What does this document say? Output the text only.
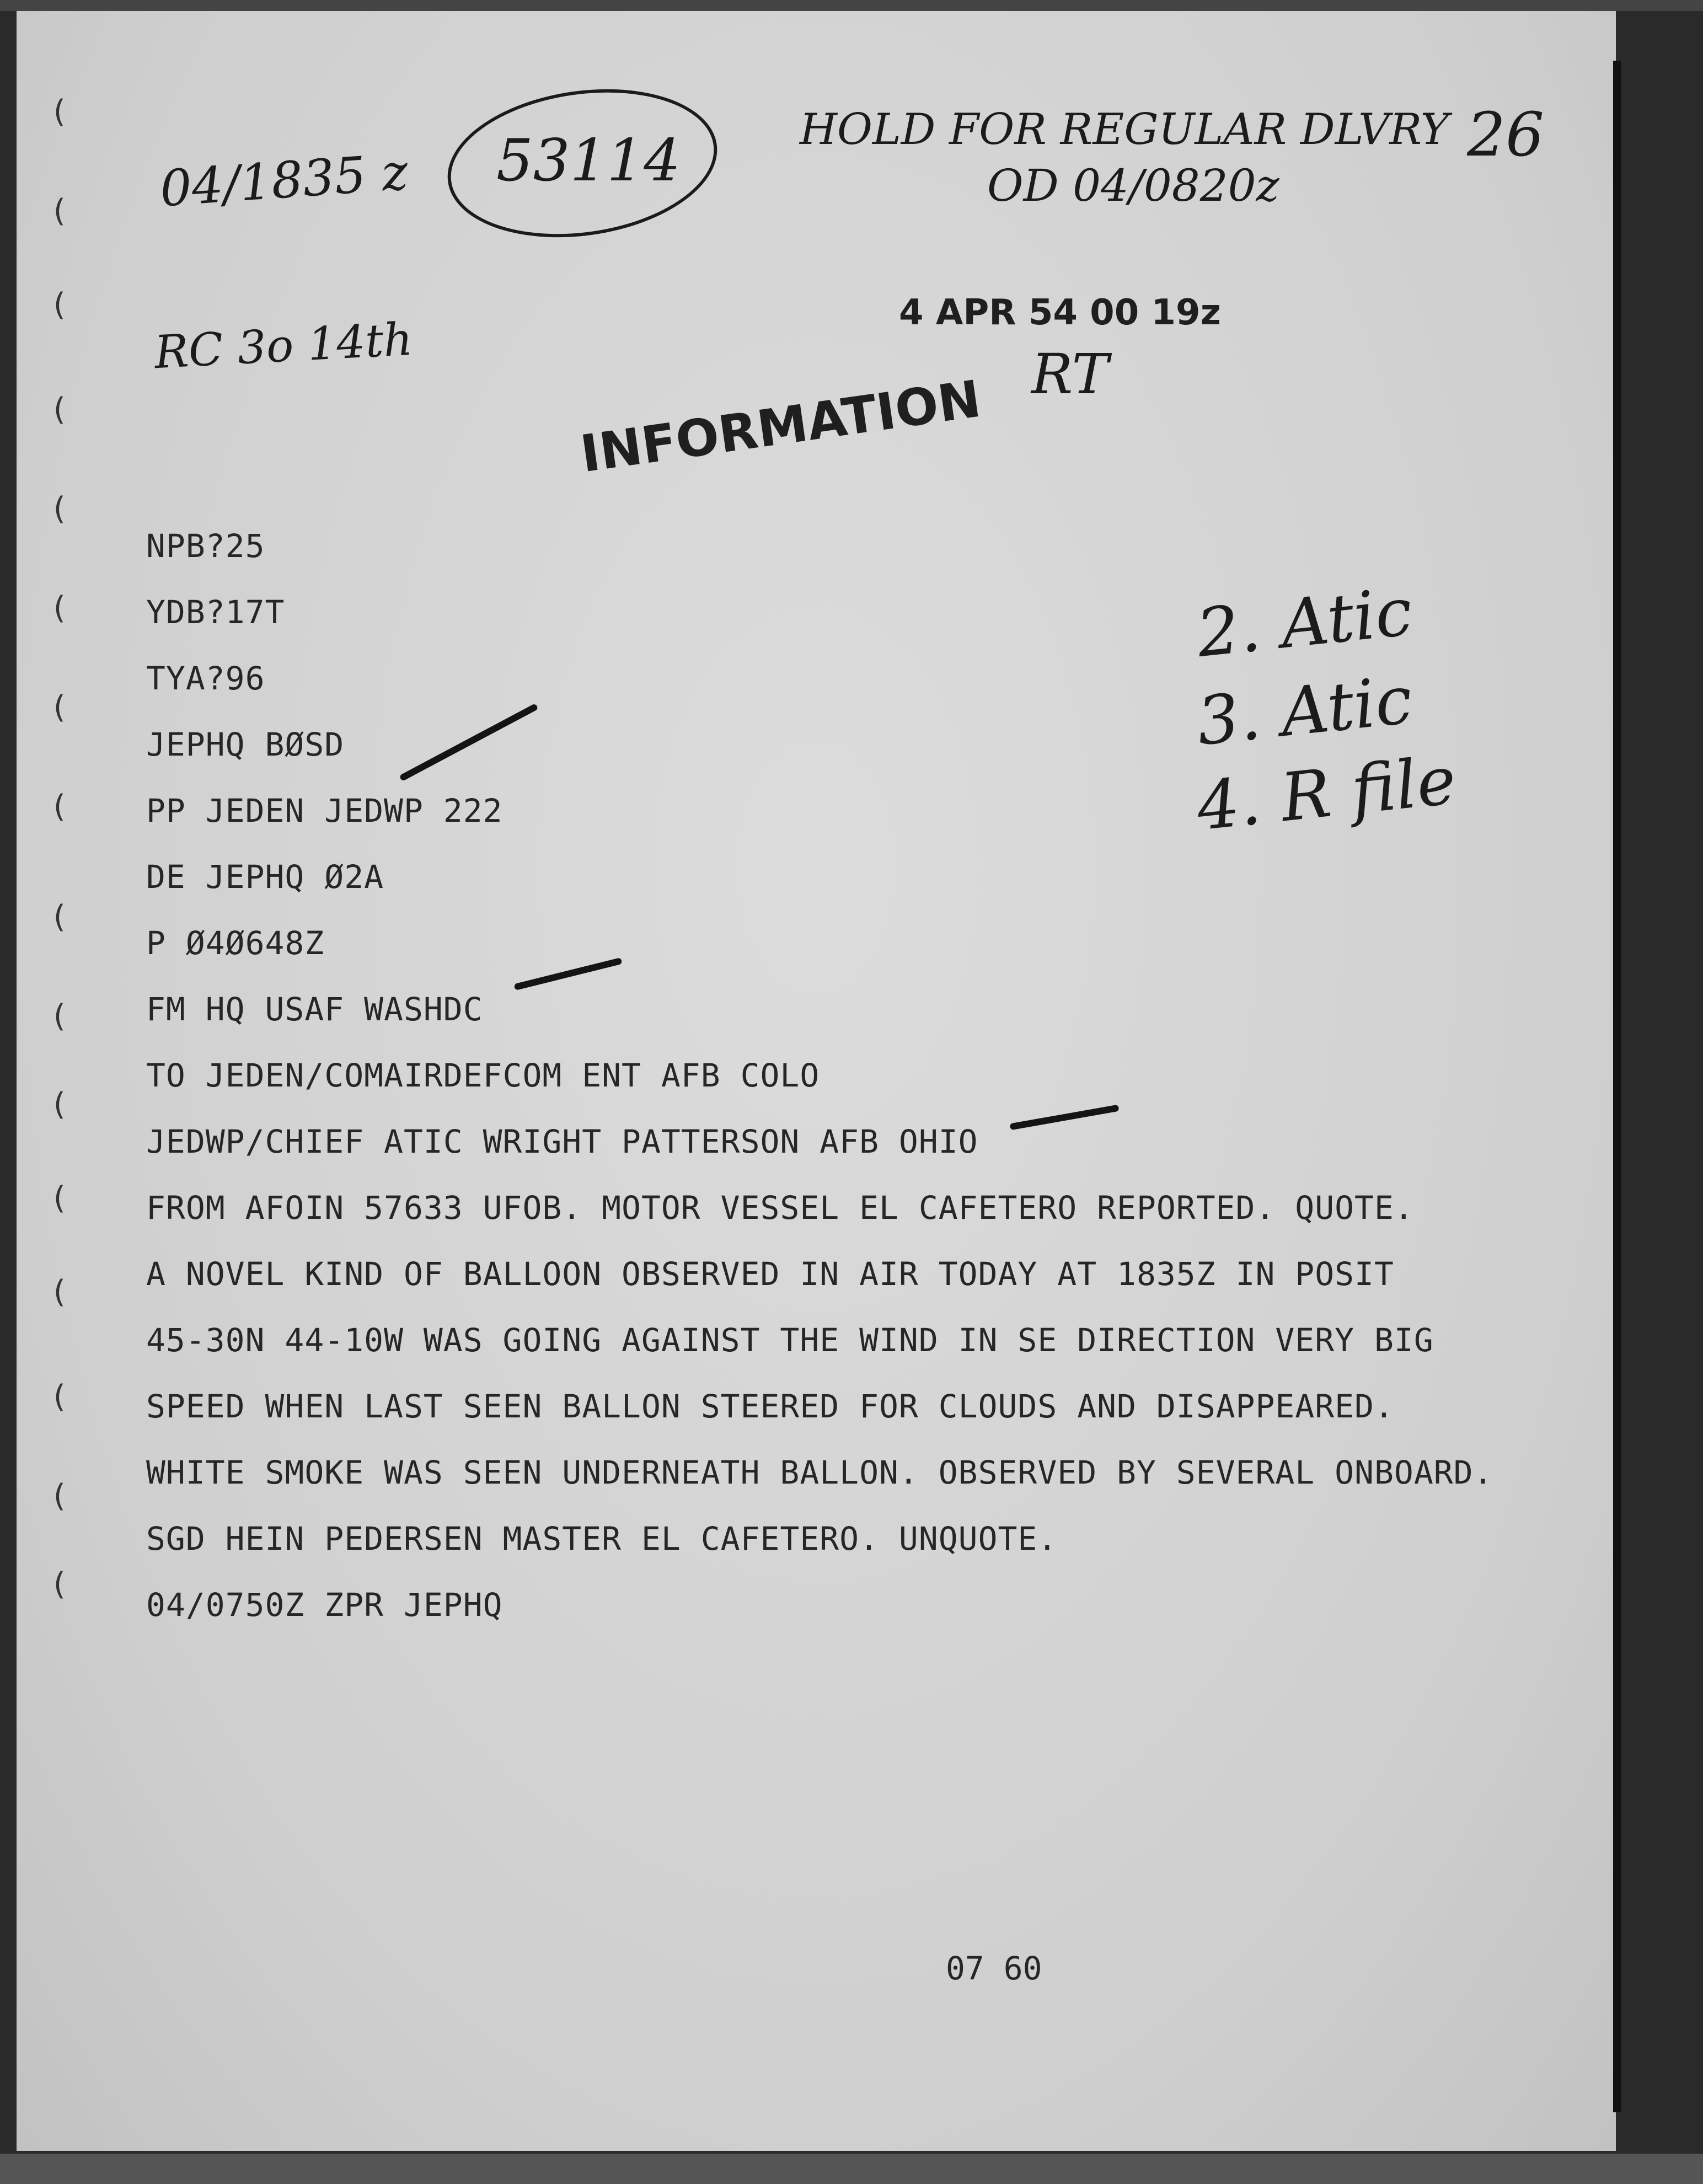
(
(
(
(
(
(
(
(
(
(
(
(
(
(
(
(
04/1835 z 53114	HOLD FOR REGULAR DLVRY 26
OD 04/0820z
4 APR 54 00 19z
RC 3o 14th
INFORMATION RT
2. Atic
3. Atic
4. R file
NPB?25
YDB?17T
TYA?96
JEPHQ BØSD
PP JEDEN JEDWP 222
DE JEPHQ Ø2A
P Ø4Ø648Z
FM HQ USAF WASHDC
TO JEDEN/COMAIRDEFCOM ENT AFB COLO
JEDWP/CHIEF ATIC WRIGHT PATTERSON AFB OHIO
FROM AFOIN 57633 UFOB. MOTOR VESSEL EL CAFETERO REPORTED. QUOTE.
A NOVEL KIND OF BALLOON OBSERVED IN AIR TODAY AT 1835Z IN POSIT
45-30N 44-10W WAS GOING AGAINST THE WIND IN SE DIRECTION VERY BIG
SPEED WHEN LAST SEEN BALLON STEERED FOR CLOUDS AND DISAPPEARED.
WHITE SMOKE WAS SEEN UNDERNEATH BALLON. OBSERVED BY SEVERAL ONBOARD.
SGD HEIN PEDERSEN MASTER EL CAFETERO. UNQUOTE.
04/0750Z ZPR JEPHQ
07 60
